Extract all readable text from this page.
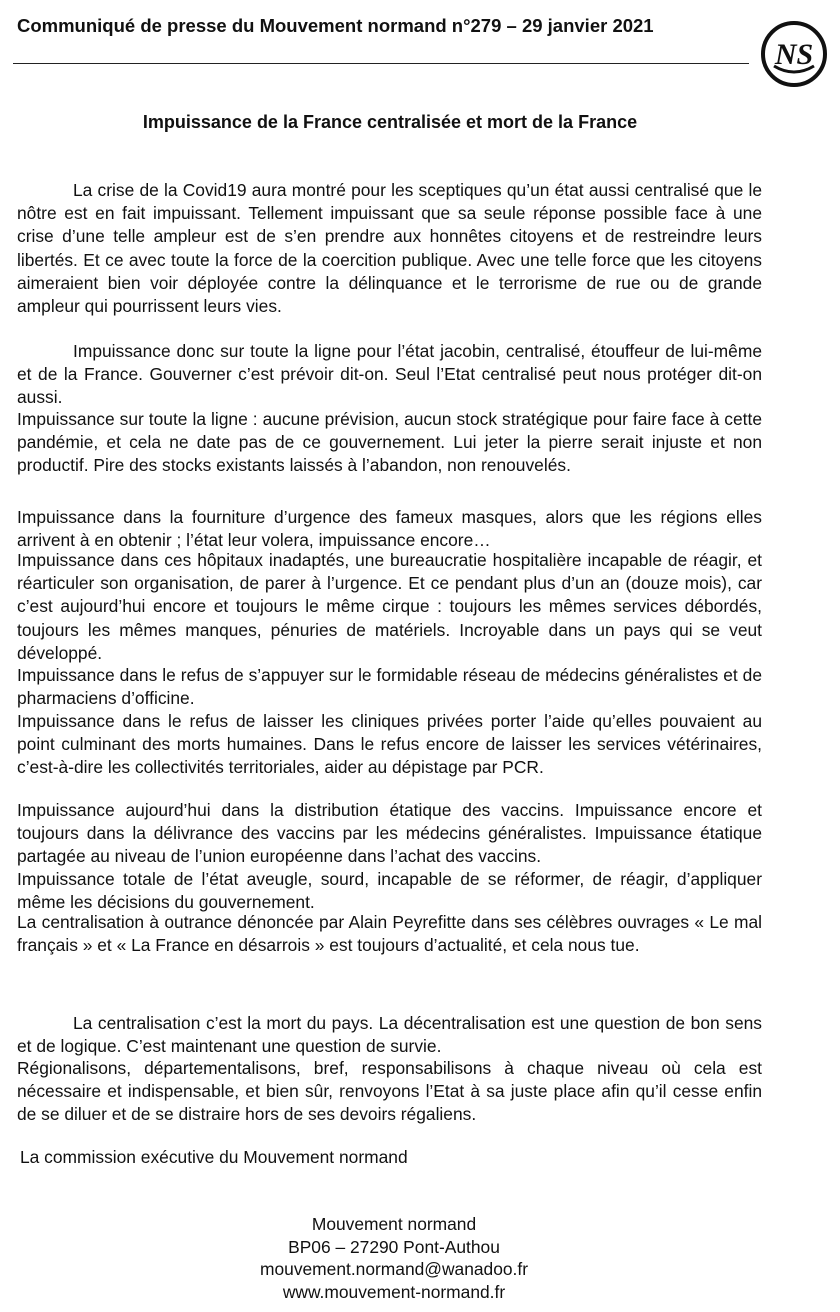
Communiqué de presse du Mouvement normand n°279 – 29 janvier 2021
NS
Impuissance de la France centralisée et mort de la France

La crise de la Covid19 aura montré pour les sceptiques qu’un état aussi centralisé que le nôtre est en fait impuissant. Tellement impuissant que sa seule réponse possible face à une crise d’une telle ampleur est de s’en prendre aux honnêtes citoyens et de restreindre leurs libertés. Et ce avec toute la force de la coercition publique. Avec une telle force que les citoyens aimeraient bien voir déployée contre la délinquance et le terrorisme de rue ou de grande ampleur qui pourrissent leurs vies.

Impuissance donc sur toute la ligne pour l’état jacobin, centralisé, étouffeur de lui-même et de la France. Gouverner c’est prévoir dit-on. Seul l’Etat centralisé peut nous protéger dit-on aussi.

Impuissance sur toute la ligne : aucune prévision, aucun stock stratégique pour faire face à cette pandémie, et cela ne date pas de ce gouvernement. Lui jeter la pierre serait injuste et non productif. Pire des stocks existants laissés à l’abandon, non renouvelés.

Impuissance dans la fourniture d’urgence des fameux masques, alors que les régions elles arrivent à en obtenir ; l’état leur volera, impuissance encore…

Impuissance dans ces hôpitaux inadaptés, une bureaucratie hospitalière incapable de réagir, et réarticuler son organisation, de parer à l’urgence. Et ce pendant plus d’un an (douze mois), car c’est aujourd’hui encore et toujours le même cirque : toujours les mêmes services débordés, toujours les mêmes manques, pénuries de matériels. Incroyable dans un pays qui se veut développé.

Impuissance dans le refus de s’appuyer sur le formidable réseau de médecins généralistes et de pharmaciens d’officine.

Impuissance dans le refus de laisser les cliniques privées porter l’aide qu’elles pouvaient au point culminant des morts humaines. Dans le refus encore de laisser les services vétérinaires, c’est-à-dire les collectivités territoriales, aider au dépistage par PCR.

Impuissance aujourd’hui dans la distribution étatique des vaccins. Impuissance encore et toujours dans la délivrance des vaccins par les médecins généralistes. Impuissance étatique partagée au niveau de l’union européenne dans l’achat des vaccins.

Impuissance totale de l’état aveugle, sourd, incapable de se réformer, de réagir, d’appliquer même les décisions du gouvernement.

La centralisation à outrance dénoncée par Alain Peyrefitte dans ses célèbres ouvrages « Le mal français » et « La France en désarrois » est toujours d’actualité, et cela nous tue.

La centralisation c’est la mort du pays. La décentralisation est une question de bon sens et de logique. C’est maintenant une question de survie.

Régionalisons, départementalisons, bref, responsabilisons à chaque niveau où cela est nécessaire et indispensable, et bien sûr, renvoyons l’Etat à sa juste place afin qu’il cesse enfin de se diluer et de se distraire hors de ses devoirs régaliens.

La commission exécutive du Mouvement normand
Mouvement normand
BP06 – 27290 Pont-Authou
mouvement.normand@wanadoo.fr
www.mouvement-normand.fr
